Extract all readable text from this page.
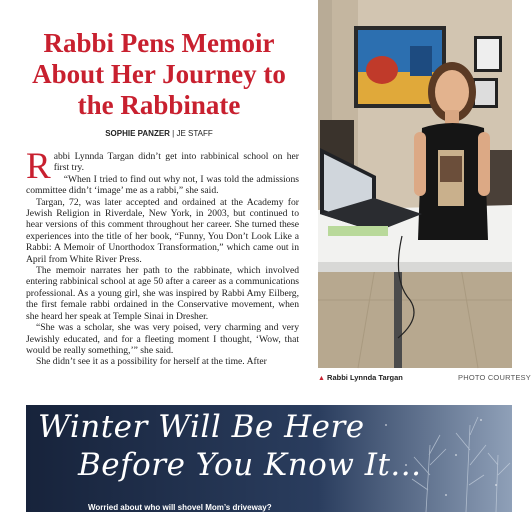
Rabbi Pens Memoir About Her Journey to the Rabbinate
SOPHIE PANZER | JE STAFF

Rabbi Lynnda Targan didn’t get into rabbinical school on her first try.

“When I tried to find out why not, I was told the admissions committee didn’t ‘image’ me as a rabbi,” she said.

Targan, 72, was later accepted and ordained at the Academy for Jewish Religion in Riverdale, New York, in 2003, but continued to hear versions of this comment throughout her career. She turned these experiences into the title of her book, “Funny, You Don’t Look Like a Rabbi: A Memoir of Unorthodox Transformation,” which came out in April from White River Press.

The memoir narrates her path to the rabbinate, which involved entering rabbinical school at age 50 after a career as a communications professional. As a young girl, she was inspired by Rabbi Amy Eilberg, the first female rabbi ordained in the Conservative movement, when she heard her speak at Temple Sinai in Dresher.

“She was a scholar, she was very poised, very charming and very Jewishly educated, and for a fleeting moment I thought, ‘Wow, that would be really something,’” she said.

She didn’t see it as a possibility for herself at the time. After

▲ Rabbi Lynnda Targan	PHOTO COURTESY
Winter Will Be Here
Before You Know It...
Worried about who will shovel Mom’s driveway?
